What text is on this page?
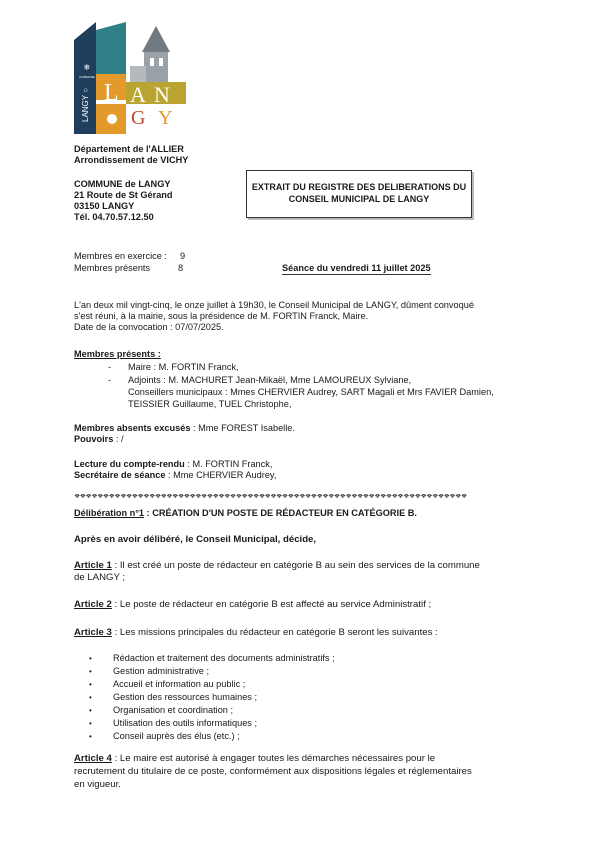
❄
COMMUNE
LANGY ○ L A N
G Y
Département de l'ALLIER
Arrondissement de VICHY
COMMUNE de LANGY
21 Route de St Gérand
03150 LANGY
Tél. 04.70.57.12.50
EXTRAIT DU REGISTRE DES DELIBERATIONS DU
CONSEIL MUNICIPAL DE LANGY
Membres en exercice : 9
Membres présents	8	Séance du vendredi 11 juillet 2025
L'an deux mil vingt-cinq, le onze juillet à 19h30, le Conseil Municipal de LANGY, dûment convoqué
s'est réuni, à la mairie, sous la présidence de M. FORTIN Franck, Maire.
Date de la convocation : 07/07/2025.
Membres présents :
- Maire : M. FORTIN Franck,
- Adjoints : M. MACHURET Jean-Mikaël, Mme LAMOUREUX Sylviane,
Conseillers municipaux : Mmes CHERVIER Audrey, SART Magali et Mrs FAVIER Damien,
TEISSIER Guillaume, TUEL Christophe,
Membres absents excusés : Mme FOREST Isabelle.
Pouvoirs : /
Lecture du compte-rendu : M. FORTIN Franck,
Secrétaire de séance : Mme CHERVIER Audrey,
❖❖❖❖❖❖❖❖❖❖❖❖❖❖❖❖❖❖❖❖❖❖❖❖❖❖❖❖❖❖❖❖❖❖❖❖❖❖❖❖❖❖❖❖❖❖❖❖❖❖❖❖❖❖❖❖❖❖❖❖❖❖❖❖❖❖❖❖
Délibération n°1 : CRÉATION D'UN POSTE DE RÉDACTEUR EN CATÉGORIE B.
Après en avoir délibéré, le Conseil Municipal, décide,
Article 1 : Il est créé un poste de rédacteur en catégorie B au sein des services de la commune
de LANGY ;
Article 2 : Le poste de rédacteur en catégorie B est affecté au service Administratif ;
Article 3 : Les missions principales du rédacteur en catégorie B seront les suivantes :
•	Rédaction et traitement des documents administratifs ;
•	Gestion administrative ;
•	Accueil et information au public ;
•	Gestion des ressources humaines ;
•	Organisation et coordination ;
•	Utilisation des outils informatiques ;
•	Conseil auprès des élus (etc.) ;
Article 4 : Le maire est autorisé à engager toutes les démarches nécessaires pour le
recrutement du titulaire de ce poste, conformément aux dispositions légales et réglementaires
en vigueur.
